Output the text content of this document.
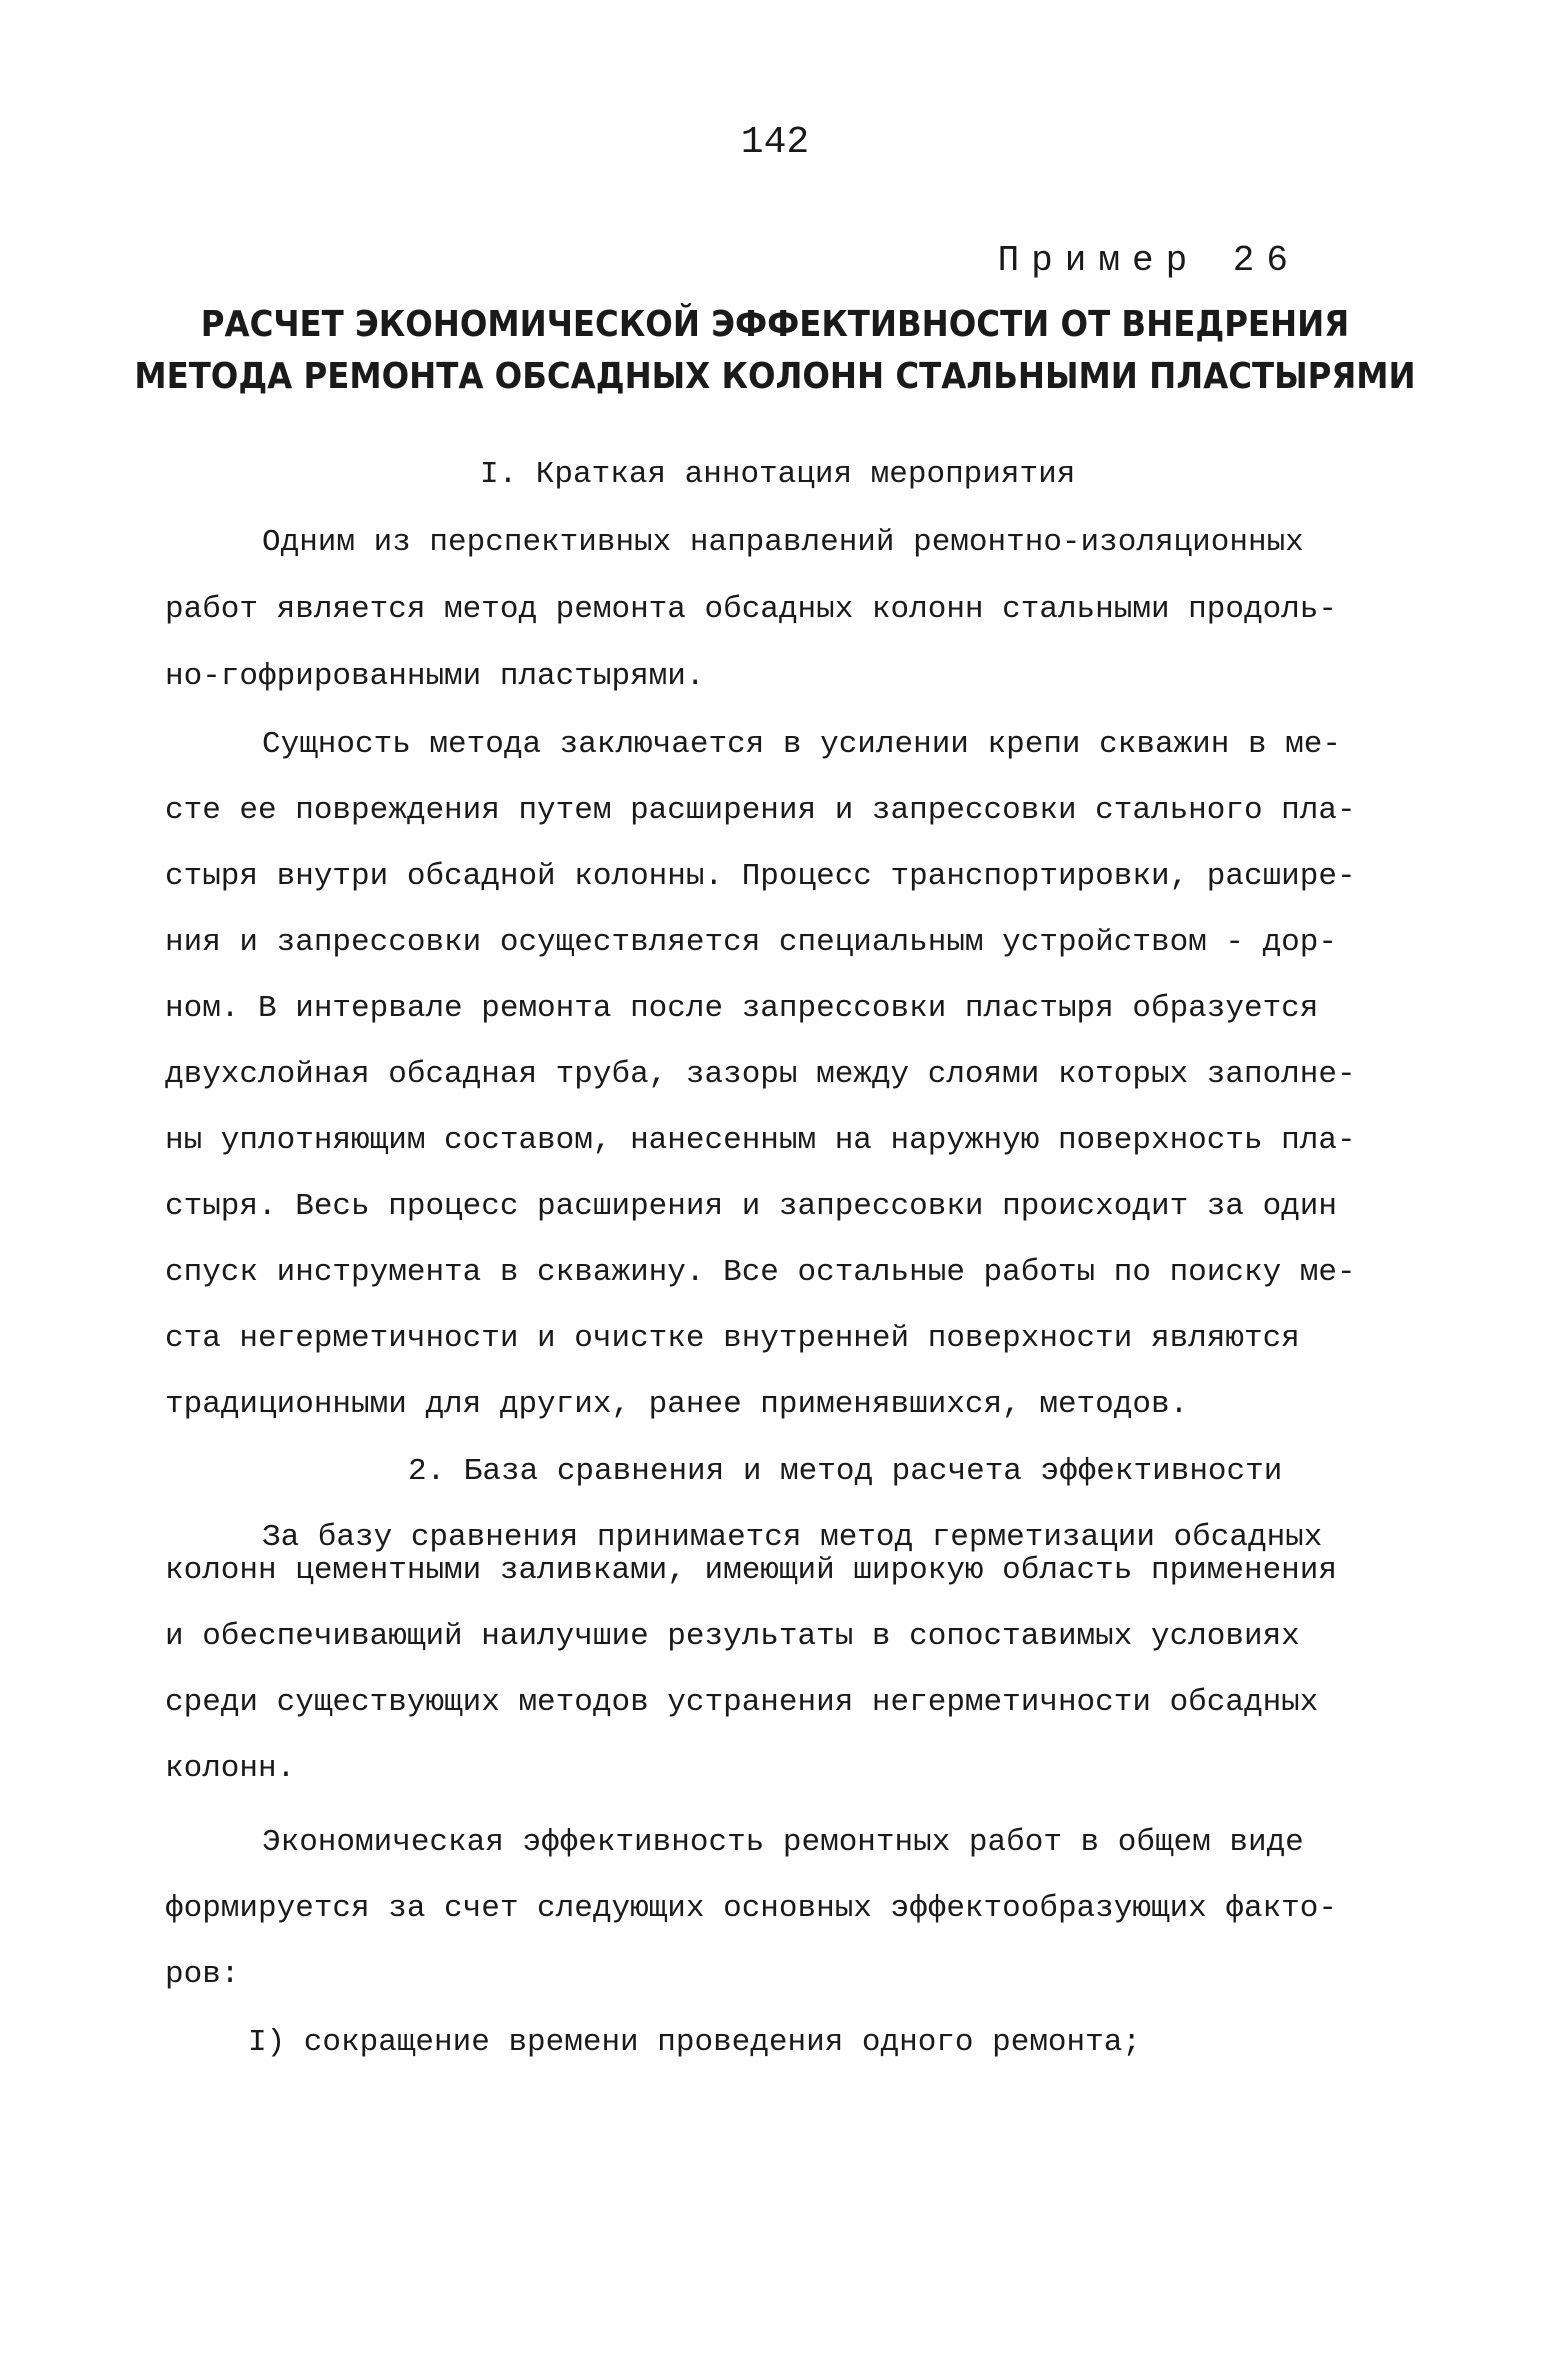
142
Пример 26
РАСЧЕТ ЭКОНОМИЧЕСКОЙ ЭФФЕКТИВНОСТИ ОТ ВНЕДРЕНИЯ
МЕТОДА РЕМОНТА ОБСАДНЫХ КОЛОНН СТАЛЬНЫМИ ПЛАСТЫРЯМИ
I. Краткая аннотация мероприятия
Одним из перспективных направлений ремонтно-изоляционных
работ является метод ремонта обсадных колонн стальными продоль-
но-гофрированными пластырями.
Сущность метода заключается в усилении крепи скважин в ме-
сте ее повреждения путем расширения и запрессовки стального пла-
стыря внутри обсадной колонны. Процесс транспортировки, расшире-
ния и запрессовки осуществляется специальным устройством - дор-
ном. В интервале ремонта после запрессовки пластыря образуется
двухслойная обсадная труба, зазоры между слоями которых заполне-
ны уплотняющим составом, нанесенным на наружную поверхность пла-
стыря. Весь процесс расширения и запрессовки происходит за один
спуск инструмента в скважину. Все остальные работы по поиску ме-
ста негерметичности и очистке внутренней поверхности являются
традиционными для других, ранее применявшихся, методов.
2. База сравнения и метод расчета эффективности
За базу сравнения принимается метод герметизации обсадных
колонн цементными заливками, имеющий широкую область применения
и обеспечивающий наилучшие результаты в сопоставимых условиях
среди существующих методов устранения негерметичности обсадных
колонн.
Экономическая эффективность ремонтных работ в общем виде
формируется за счет следующих основных эффектообразующих факто-
ров:
I) сокращение времени проведения одного ремонта;
